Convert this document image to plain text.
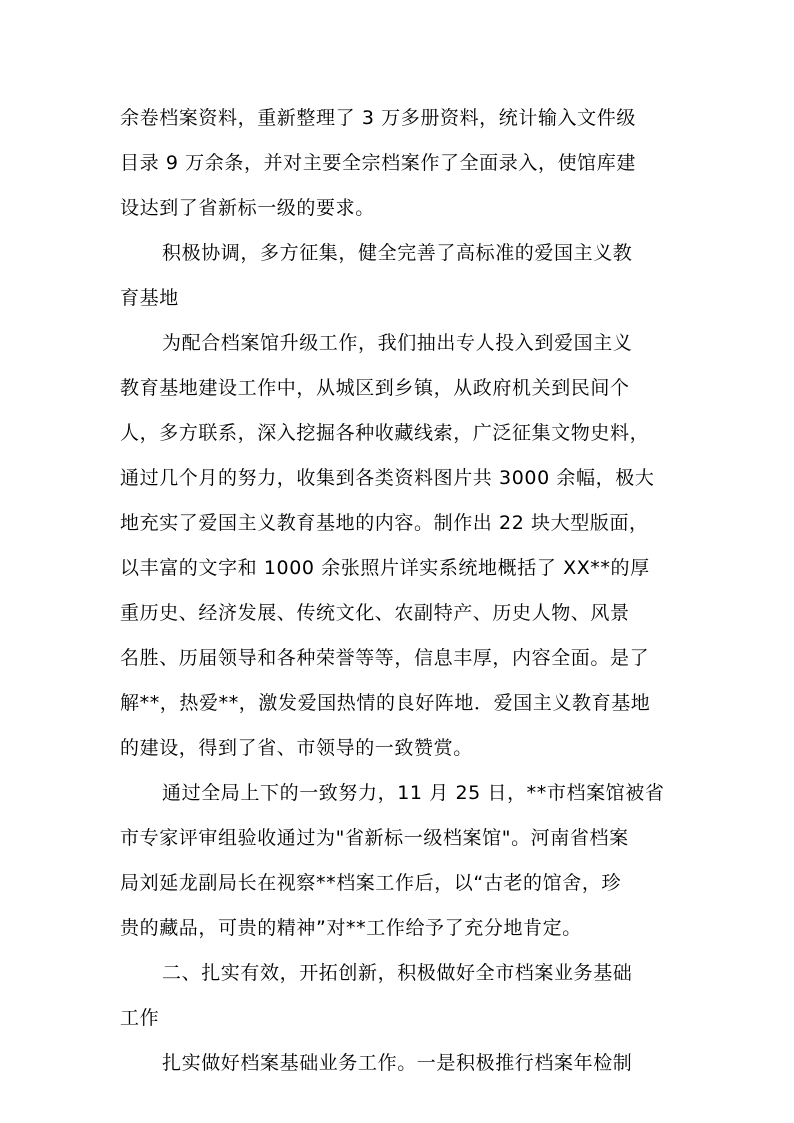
余卷档案资料，重新整理了 3 万多册资料，统计输入文件级
目录 9 万余条，并对主要全宗档案作了全面录入，使馆库建
设达到了省新标一级的要求。
积极协调，多方征集，健全完善了高标准的爱国主义教
育基地
为配合档案馆升级工作，我们抽出专人投入到爱国主义
教育基地建设工作中，从城区到乡镇，从政府机关到民间个
人，多方联系，深入挖掘各种收藏线索，广泛征集文物史料，
通过几个月的努力，收集到各类资料图片共 3000 余幅，极大
地充实了爱国主义教育基地的内容。制作出 22 块大型版面，
以丰富的文字和 1000 余张照片详实系统地概括了 XX**的厚
重历史、经济发展、传统文化、农副特产、历史人物、风景
名胜、历届领导和各种荣誉等等，信息丰厚，内容全面。是了
解**，热爱**，激发爱国热情的良好阵地．爱国主义教育基地
的建设，得到了省、市领导的一致赞赏。
通过全局上下的一致努力，11 月 25 日，**市档案馆被省
市专家评审组验收通过为"省新标一级档案馆"。河南省档案
局刘延龙副局长在视察**档案工作后，以“古老的馆舍，珍
贵的藏品，可贵的精神”对**工作给予了充分地肯定。
二、扎实有效，开拓创新，积极做好全市档案业务基础
工作
扎实做好档案基础业务工作。一是积极推行档案年检制
